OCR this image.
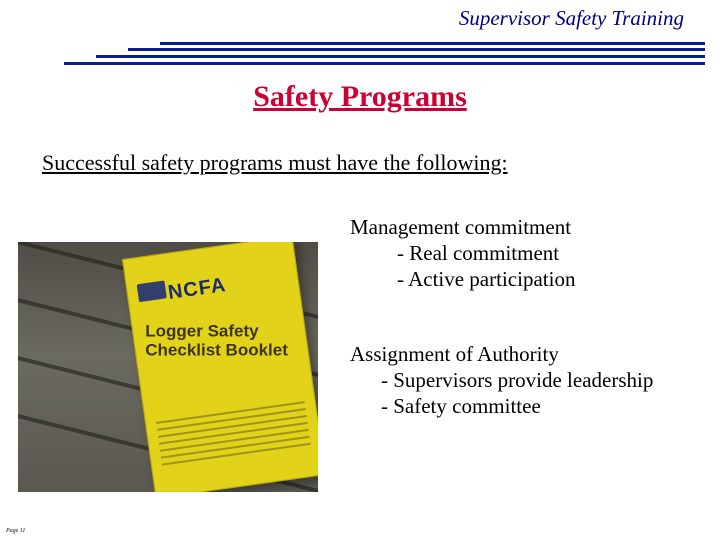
Supervisor Safety Training
Safety Programs
Successful safety programs must have the following:
Management commitment
- Real commitment
- Active participation
Assignment of Authority
- Supervisors provide leadership
- Safety committee
NCFA
Logger Safety
Checklist Booklet
Page 11
